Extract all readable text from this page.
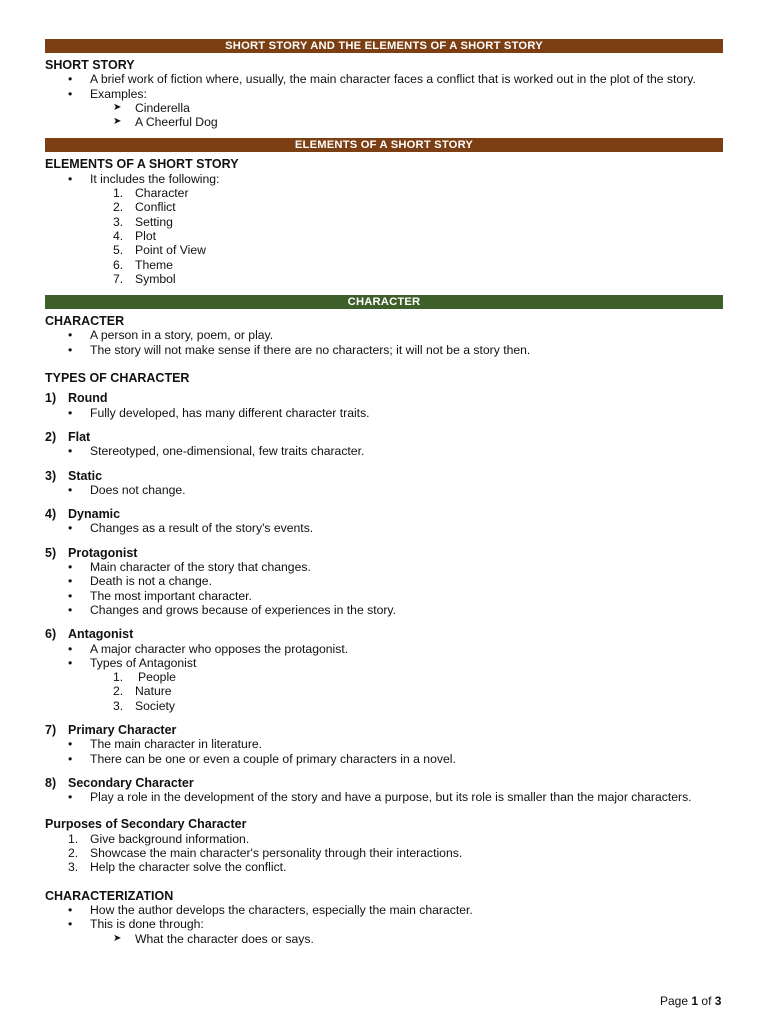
SHORT STORY AND THE ELEMENTS OF A SHORT STORY
SHORT STORY
• A brief work of fiction where, usually, the main character faces a conflict that is worked out in the plot of the story.
• Examples:
➤ Cinderella
➤ A Cheerful Dog
ELEMENTS OF A SHORT STORY
ELEMENTS OF A SHORT STORY
• It includes the following:
1. Character
2. Conflict
3. Setting
4. Plot
5. Point of View
6. Theme
7. Symbol
CHARACTER
CHARACTER
• A person in a story, poem, or play.
• The story will not make sense if there are no characters; it will not be a story then.
TYPES OF CHARACTER
1) Round
• Fully developed, has many different character traits.
2) Flat
• Stereotyped, one-dimensional, few traits character.
3) Static
• Does not change.
4) Dynamic
• Changes as a result of the story's events.
5) Protagonist
• Main character of the story that changes.
• Death is not a change.
• The most important character.
• Changes and grows because of experiences in the story.
6) Antagonist
• A major character who opposes the protagonist.
• Types of Antagonist
1. People
2. Nature
3. Society
7) Primary Character
• The main character in literature.
• There can be one or even a couple of primary characters in a novel.
8) Secondary Character
• Play a role in the development of the story and have a purpose, but its role is smaller than the major characters.
Purposes of Secondary Character
1. Give background information.
2. Showcase the main character's personality through their interactions.
3. Help the character solve the conflict.
CHARACTERIZATION
• How the author develops the characters, especially the main character.
• This is done through:
➤ What the character does or says.
Page 1 of 3
